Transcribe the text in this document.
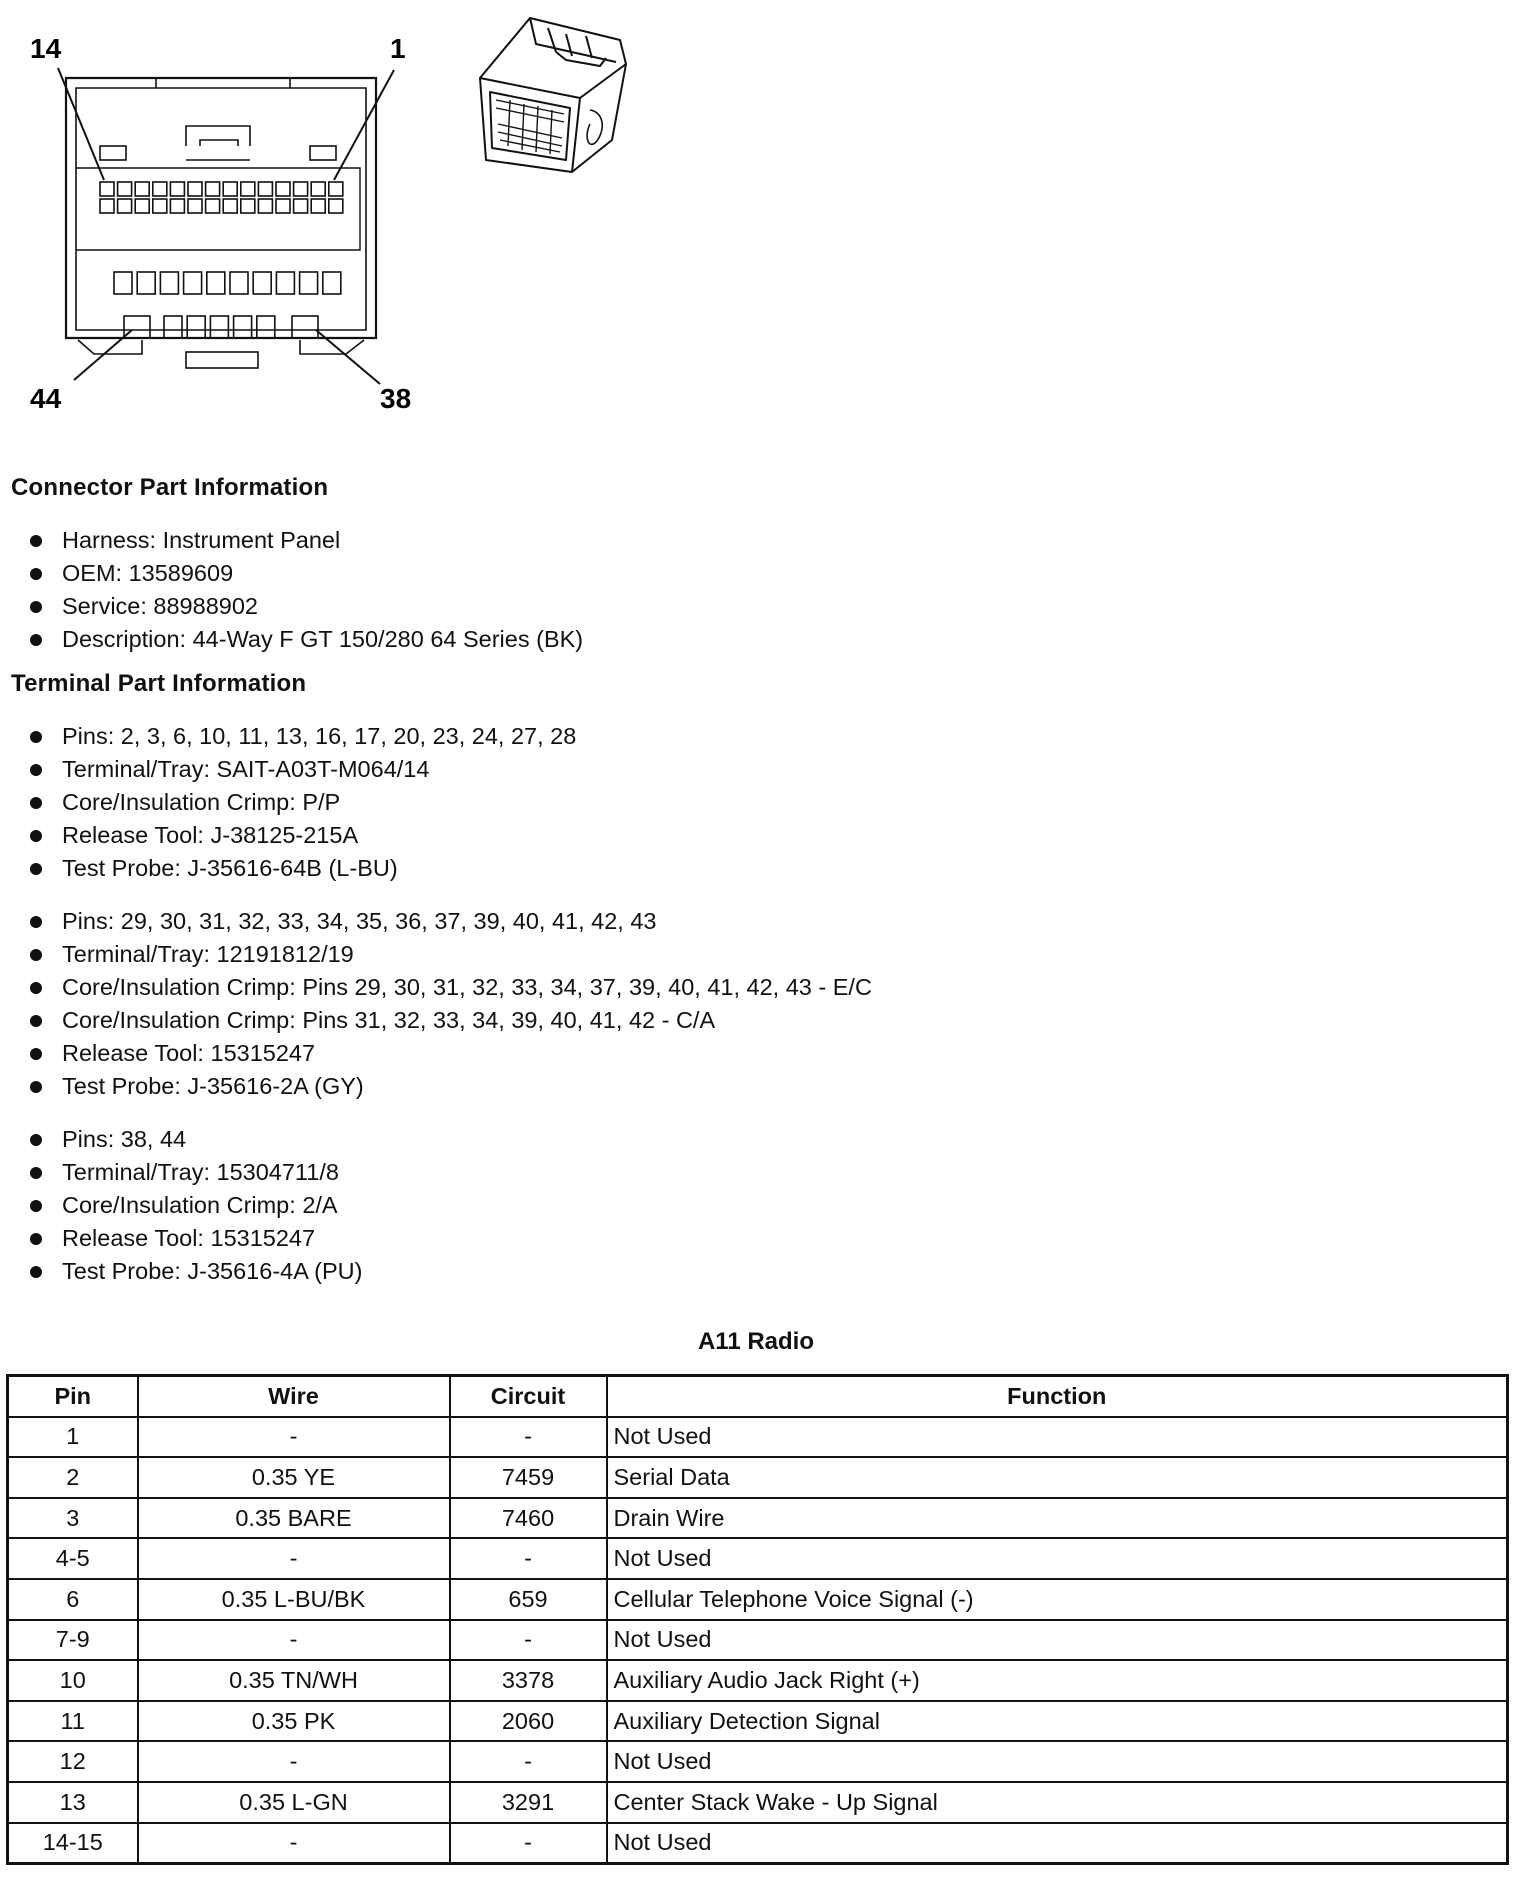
14	1
44	38
Connector Part Information
Harness: Instrument Panel
OEM: 13589609
Service: 88988902
Description: 44-Way F GT 150/280 64 Series (BK)
Terminal Part Information
Pins: 2, 3, 6, 10, 11, 13, 16, 17, 20, 23, 24, 27, 28
Terminal/Tray: SAIT-A03T-M064/14
Core/Insulation Crimp: P/P
Release Tool: J-38125-215A
Test Probe: J-35616-64B (L-BU)
Pins: 29, 30, 31, 32, 33, 34, 35, 36, 37, 39, 40, 41, 42, 43
Terminal/Tray: 12191812/19
Core/Insulation Crimp: Pins 29, 30, 31, 32, 33, 34, 37, 39, 40, 41, 42, 43 - E/C
Core/Insulation Crimp: Pins 31, 32, 33, 34, 39, 40, 41, 42 - C/A
Release Tool: 15315247
Test Probe: J-35616-2A (GY)
Pins: 38, 44
Terminal/Tray: 15304711/8
Core/Insulation Crimp: 2/A
Release Tool: 15315247
Test Probe: J-35616-4A (PU)
A11 Radio
Pin	Wire	Circuit	Function
1	-	-	Not Used
2	0.35 YE	7459	Serial Data
3	0.35 BARE	7460	Drain Wire
4-5	-	-	Not Used
6	0.35 L-BU/BK	659	Cellular Telephone Voice Signal (-)
7-9	-	-	Not Used
10	0.35 TN/WH	3378	Auxiliary Audio Jack Right (+)
11	0.35 PK	2060	Auxiliary Detection Signal
12	-	-	Not Used
13	0.35 L-GN	3291	Center Stack Wake - Up Signal
14-15	-	-	Not Used
